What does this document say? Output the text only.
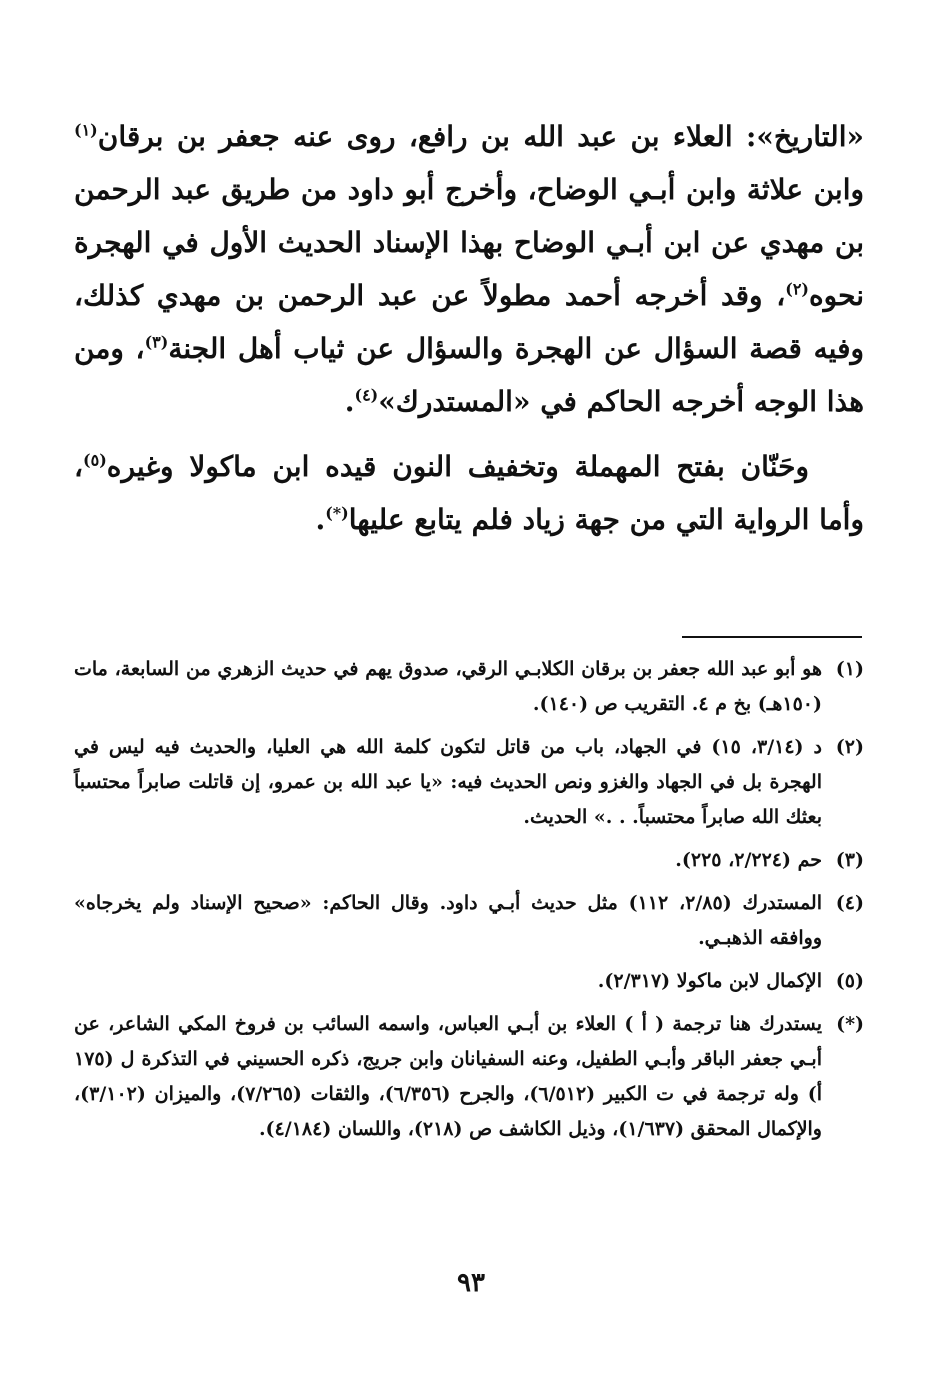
«التاريخ»: العلاء بن عبد الله بن رافع، روى عنه جعفر بن برقان$^{(١)}$ وابن علاثة وابن أبـي الوضاح، وأخرج أبو داود من طريق عبد الرحمن بن مهدي عن ابن أبـي الوضاح بهذا الإسناد الحديث الأول في الهجرة نحوه$^{(٢)}$، وقد أخرجه أحمد مطولاً عن عبد الرحمن بن مهدي كذلك، وفيه قصة السؤال عن الهجرة والسؤال عن ثياب أهل الجنة$^{(٣)}$، ومن هذا الوجه أخرجه الحاكم في «المستدرك»$^{(٤)}$.

وحَنّان بفتح المهملة وتخفيف النون قيده ابن ماكولا وغيره$^{(٥)}$، وأما الرواية التي من جهة زياد فلم يتابع عليها(*).

(١)
هو أبو عبد الله جعفر بن برقان الكلابـي الرقي، صدوق يهم في حديث الزهري من السابعة، مات (١٥٠هـ) بخ م ٤. التقريب ص (١٤٠).
(٢)
د (٣/١٤، ١٥) في الجهاد، باب من قاتل لتكون كلمة الله هي العليا، والحديث فيه ليس في الهجرة بل في الجهاد والغزو ونص الحديث فيه: «يا عبد الله بن عمرو، إن قاتلت صابراً محتسباً بعثك الله صابراً محتسباً. . .» الحديث.
(٣)
حم (٢/٢٢٤، ٢٢٥).
(٤)
المستدرك (٢/٨٥، ١١٢) مثل حديث أبـي داود. وقال الحاكم: «صحيح الإسناد ولم يخرجاه» ووافقه الذهبـي.
(٥)
الإكمال لابن ماكولا (٢/٣١٧).
(*)
يستدرك هنا ترجمة ( أ ) العلاء بن أبـي العباس، واسمه السائب بن فروخ المكي الشاعر، عن أبـي جعفر الباقر وأبـي الطفيل، وعنه السفيانان وابن جريج، ذكره الحسيني في التذكرة ل (١٧٥ أ) وله ترجمة في ت الكبير (٦/٥١٢)، والجرح (٦/٣٥٦)، والثقات (٧/٢٦٥)، والميزان (٣/١٠٢)، والإكمال المحقق (١/٦٣٧)، وذيل الكاشف ص (٢١٨)، واللسان (٤/١٨٤).
٩٣
